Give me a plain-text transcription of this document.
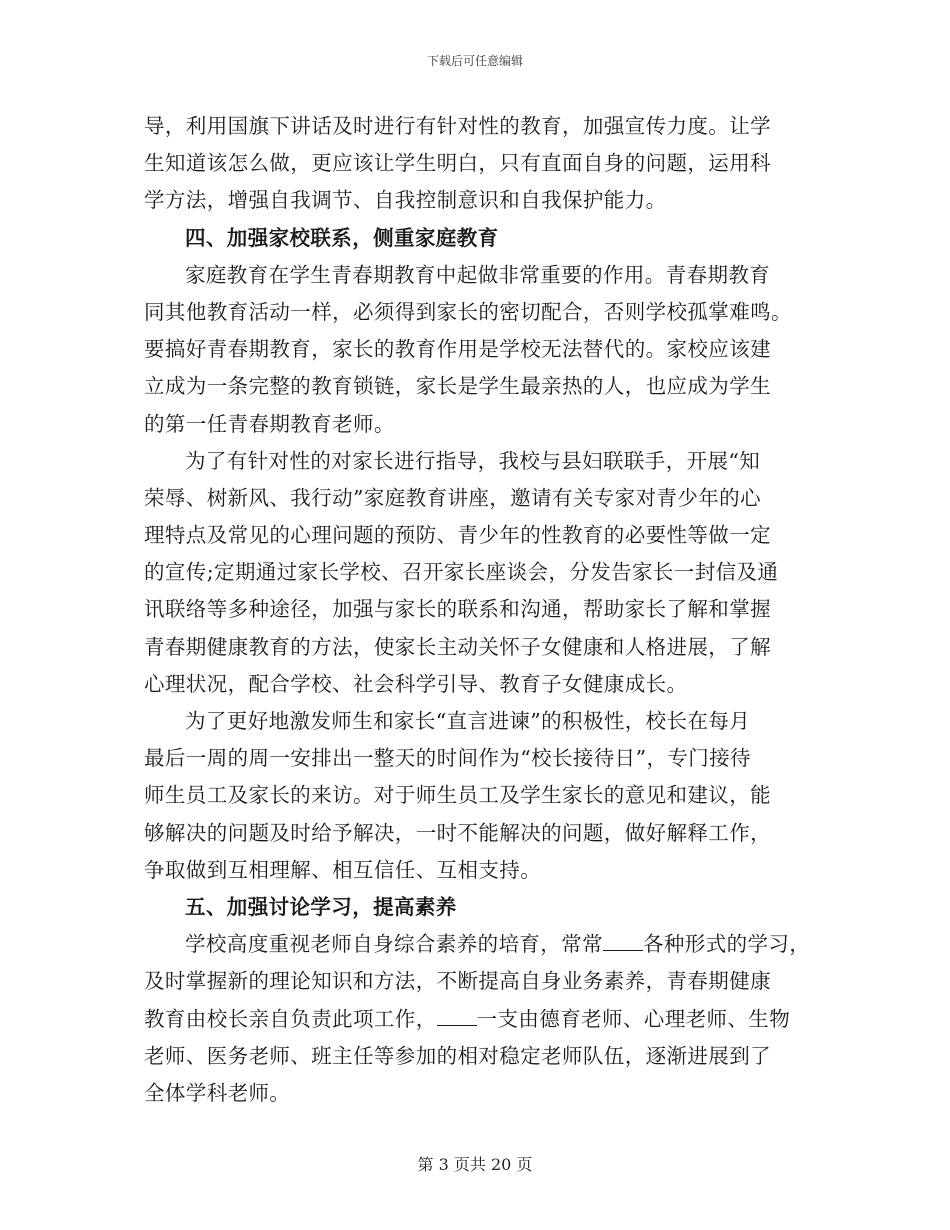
下载后可任意编辑
导，利用国旗下讲话及时进行有针对性的教育，加强宣传力度。让学
生知道该怎么做，更应该让学生明白，只有直面自身的问题，运用科
学方法，增强自我调节、自我控制意识和自我保护能力。
四、加强家校联系，侧重家庭教育
家庭教育在学生青春期教育中起做非常重要的作用。青春期教育
同其他教育活动一样，必须得到家长的密切配合，否则学校孤掌难鸣。
要搞好青春期教育，家长的教育作用是学校无法替代的。家校应该建
立成为一条完整的教育锁链，家长是学生最亲热的人，也应成为学生
的第一任青春期教育老师。
为了有针对性的对家长进行指导，我校与县妇联联手，开展“知
荣辱、树新风、我行动”家庭教育讲座，邀请有关专家对青少年的心
理特点及常见的心理问题的预防、青少年的性教育的必要性等做一定
的宣传;定期通过家长学校、召开家长座谈会，分发告家长一封信及通
讯联络等多种途径，加强与家长的联系和沟通，帮助家长了解和掌握
青春期健康教育的方法，使家长主动关怀子女健康和人格进展，了解
心理状况，配合学校、社会科学引导、教育子女健康成长。
为了更好地激发师生和家长“直言进谏”的积极性，校长在每月
最后一周的周一安排出一整天的时间作为“校长接待日”，专门接待
师生员工及家长的来访。对于师生员工及学生家长的意见和建议，能
够解决的问题及时给予解决，一时不能解决的问题，做好解释工作，
争取做到互相理解、相互信任、互相支持。
五、加强讨论学习，提高素养
学校高度重视老师自身综合素养的培育，常常 各种形式的学习，
及时掌握新的理论知识和方法，不断提高自身业务素养，青春期健康
教育由校长亲自负责此项工作， 一支由德育老师、心理老师、生物
老师、医务老师、班主任等参加的相对稳定老师队伍，逐渐进展到了
全体学科老师。
第 3 页共 20 页
